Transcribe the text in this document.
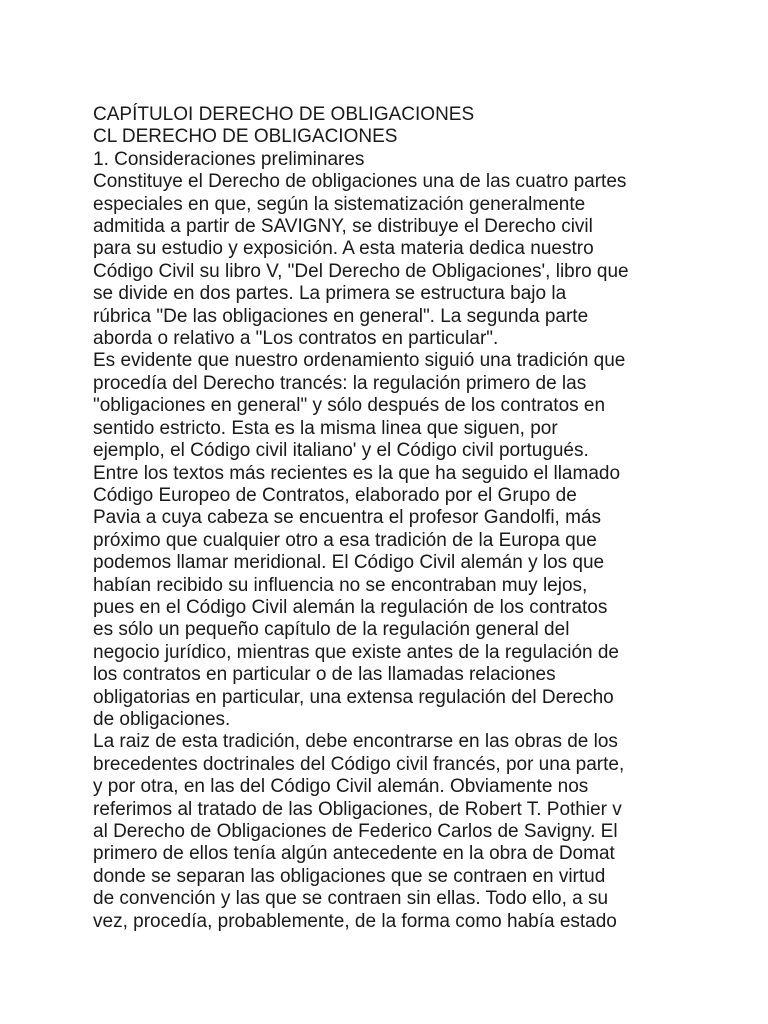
CAPÍTULOI DERECHO DE OBLIGACIONES
CL DERECHO DE OBLIGACIONES
1. Consideraciones preliminares
Constituye el Derecho de obligaciones una de las cuatro partes
especiales en que, según la sistematización generalmente
admitida a partir de SAVIGNY, se distribuye el Derecho civil
para su estudio y exposición. A esta materia dedica nuestro
Código Civil su libro V, "Del Derecho de Obligaciones', libro que
se divide en dos partes. La primera se estructura bajo la
rúbrica "De las obligaciones en general". La segunda parte
aborda o relativo a "Los contratos en particular".
Es evidente que nuestro ordenamiento siguió una tradición que
procedía del Derecho trancés: la regulación primero de las
"obligaciones en general" y sólo después de los contratos en
sentido estricto. Esta es la misma linea que siguen, por
ejemplo, el Código civil italiano' y el Código civil portugués.
Entre los textos más recientes es la que ha seguido el llamado
Código Europeo de Contratos, elaborado por el Grupo de
Pavia a cuya cabeza se encuentra el profesor Gandolfi, más
próximo que cualquier otro a esa tradición de la Europa que
podemos llamar meridional. El Código Civil alemán y los que
habían recibido su influencia no se encontraban muy lejos,
pues en el Código Civil alemán la regulación de los contratos
es sólo un pequeño capítulo de la regulación general del
negocio jurídico, mientras que existe antes de la regulación de
los contratos en particular o de las llamadas relaciones
obligatorias en particular, una extensa regulación del Derecho
de obligaciones.
La raiz de esta tradición, debe encontrarse en las obras de los
brecedentes doctrinales del Código civil francés, por una parte,
y por otra, en las del Código Civil alemán. Obviamente nos
referimos al tratado de las Obligaciones, de Robert T. Pothier v
al Derecho de Obligaciones de Federico Carlos de Savigny. El
primero de ellos tenía algún antecedente en la obra de Domat
donde se separan las obligaciones que se contraen en virtud
de convención y las que se contraen sin ellas. Todo ello, a su
vez, procedía, probablemente, de la forma como había estado
